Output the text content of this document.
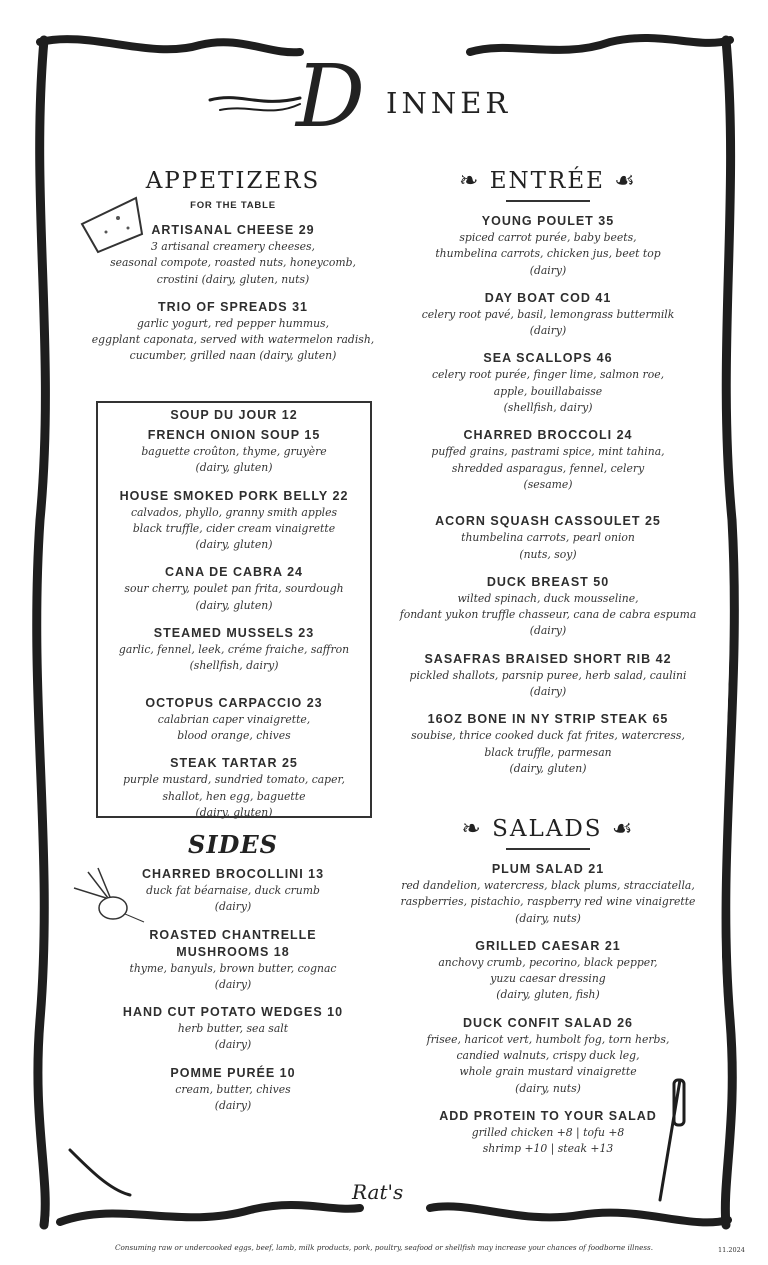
D INNER
APPETIZERS
FOR THE TABLE
ARTISANAL CHEESE 29
3 artisanal creamery cheeses,
seasonal compote, roasted nuts, honeycomb,
crostini (dairy, gluten, nuts)
TRIO OF SPREADS 31
garlic yogurt, red pepper hummus,
eggplant caponata, served with watermelon radish,
cucumber, grilled naan (dairy, gluten)
SOUP DU JOUR 12
FRENCH ONION SOUP 15
baguette croûton, thyme, gruyère
(dairy, gluten)
HOUSE SMOKED PORK BELLY 22
calvados, phyllo, granny smith apples
black truffle, cider cream vinaigrette
(dairy, gluten)
CANA DE CABRA 24
sour cherry, poulet pan frita, sourdough
(dairy, gluten)
STEAMED MUSSELS 23
garlic, fennel, leek, créme fraiche, saffron
(shellfish, dairy)
OCTOPUS CARPACCIO 23
calabrian caper vinaigrette,
blood orange, chives
STEAK TARTAR 25
purple mustard, sundried tomato, caper,
shallot, hen egg, baguette
(dairy, gluten)
SIDES
CHARRED BROCOLLINI 13
duck fat béarnaise, duck crumb
(dairy)
ROASTED CHANTRELLE
MUSHROOMS 18
thyme, banyuls, brown butter, cognac
(dairy)
HAND CUT POTATO WEDGES 10
herb butter, sea salt
(dairy)
POMME PURÉE 10
cream, butter, chives
(dairy)
❧ ENTRÉE ☙
YOUNG POULET 35
spiced carrot purée, baby beets,
thumbelina carrots, chicken jus, beet top
(dairy)
DAY BOAT COD 41
celery root pavé, basil, lemongrass buttermilk
(dairy)
SEA SCALLOPS 46
celery root purée, finger lime, salmon roe,
apple, bouillabaisse
(shellfish, dairy)
CHARRED BROCCOLI 24
puffed grains, pastrami spice, mint tahina,
shredded asparagus, fennel, celery
(sesame)
ACORN SQUASH CASSOULET 25
thumbelina carrots, pearl onion
(nuts, soy)
DUCK BREAST 50
wilted spinach, duck mousseline,
fondant yukon truffle chasseur, cana de cabra espuma
(dairy)
SASAFRAS BRAISED SHORT RIB 42
pickled shallots, parsnip puree, herb salad, caulini
(dairy)
16OZ BONE IN NY STRIP STEAK 65
soubise, thrice cooked duck fat frites, watercress,
black truffle, parmesan
(dairy, gluten)
❧ SALADS ☙
PLUM SALAD 21
red dandelion, watercress, black plums, stracciatella,
raspberries, pistachio, raspberry red wine vinaigrette
(dairy, nuts)
GRILLED CAESAR 21
anchovy crumb, pecorino, black pepper,
yuzu caesar dressing
(dairy, gluten, fish)
DUCK CONFIT SALAD 26
frisee, haricot vert, humbolt fog, torn herbs,
candied walnuts, crispy duck leg,
whole grain mustard vinaigrette
(dairy, nuts)
ADD PROTEIN TO YOUR SALAD
grilled chicken +8 | tofu +8
shrimp +10 | steak +13
Rat's
Consuming raw or undercooked eggs, beef, lamb, milk products, pork, poultry, seafood or shellfish may increase your chances of foodborne illness.	11.2024
